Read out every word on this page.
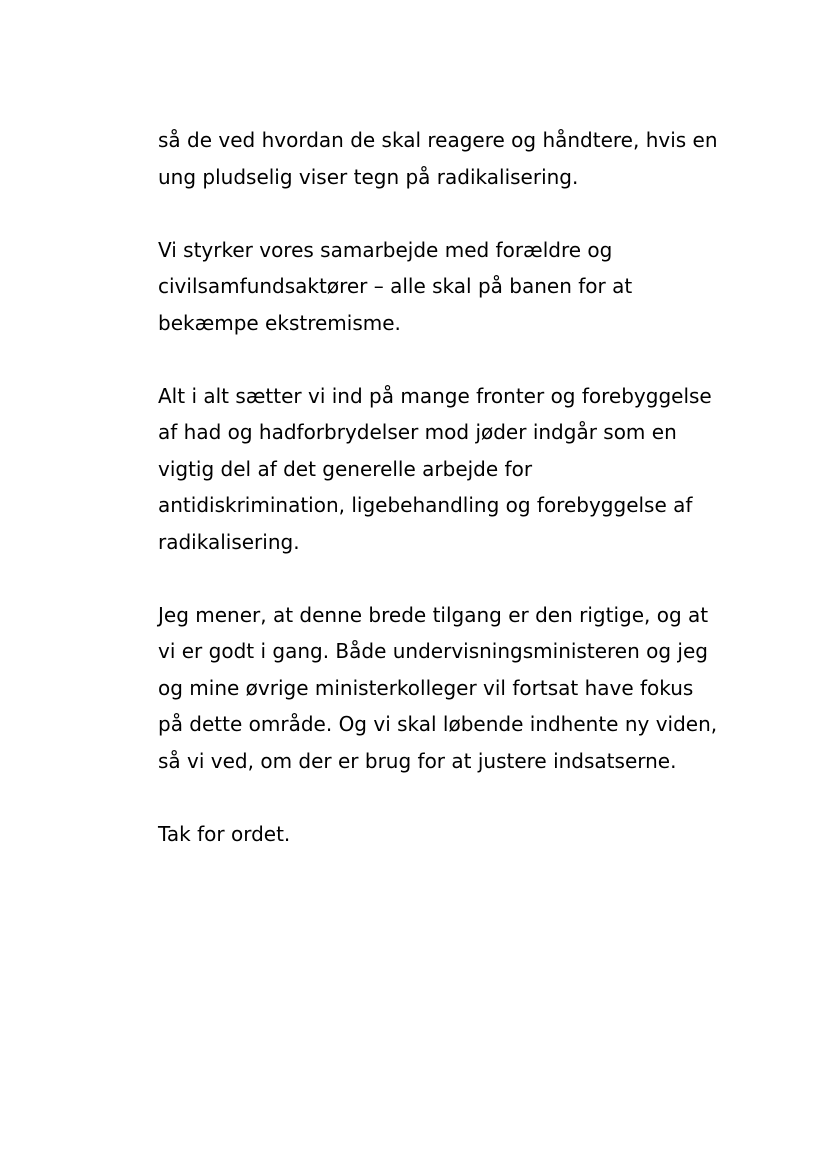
så de ved hvordan de skal reagere og håndtere, hvis en
ung pludselig viser tegn på radikalisering.
Vi styrker vores samarbejde med forældre og
civilsamfundsaktører – alle skal på banen for at
bekæmpe ekstremisme.
Alt i alt sætter vi ind på mange fronter og forebyggelse
af had og hadforbrydelser mod jøder indgår som en
vigtig del af det generelle arbejde for
antidiskrimination, ligebehandling og forebyggelse af
radikalisering.
Jeg mener, at denne brede tilgang er den rigtige, og at
vi er godt i gang. Både undervisningsministeren og jeg
og mine øvrige ministerkolleger vil fortsat have fokus
på dette område. Og vi skal løbende indhente ny viden,
så vi ved, om der er brug for at justere indsatserne.
Tak for ordet.
